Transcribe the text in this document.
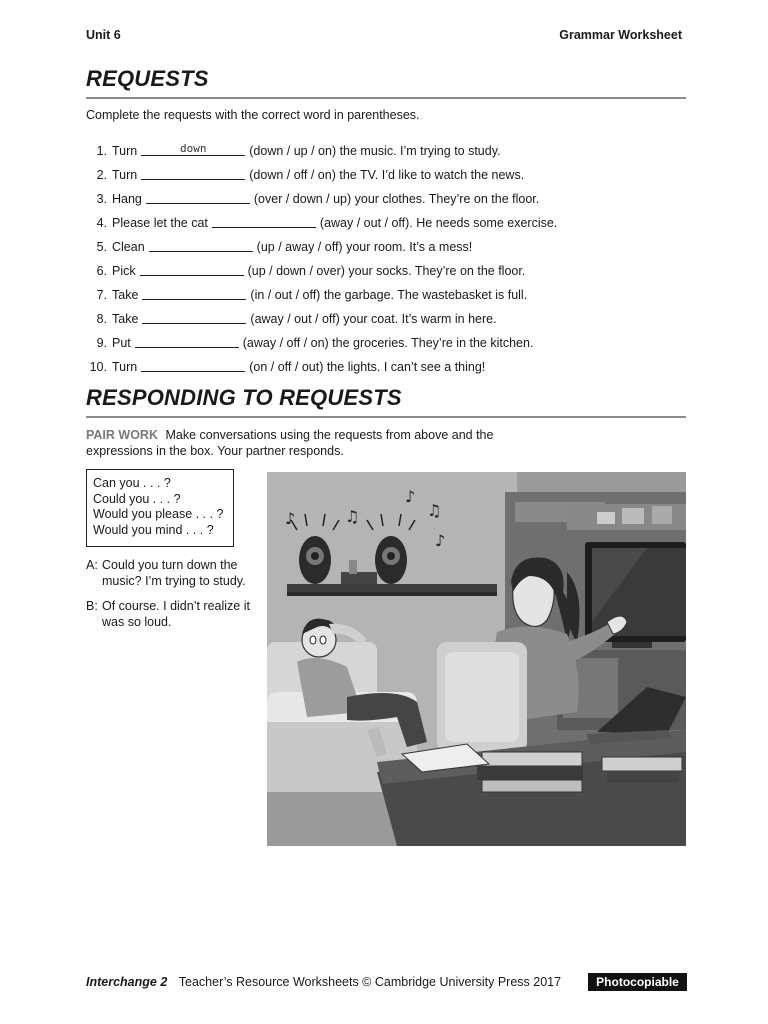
Unit 6	Grammar Worksheet
REQUESTS
Complete the requests with the correct word in parentheses.
1. Turn	down	(down / up / on) the music. I’m trying to study.
2. Turn	(down / off / on) the TV. I’d like to watch the news.
3. Hang	(over / down / up) your clothes. They’re on the floor.
4. Please let the cat	(away / out / off). He needs some exercise.
5. Clean	(up / away / off) your room. It’s a mess!
6. Pick	(up / down / over) your socks. They’re on the floor.
7. Take	(in / out / off) the garbage. The wastebasket is full.
8. Take	(away / out / off) your coat. It’s warm in here.
9. Put	(away / off / on) the groceries. They’re in the kitchen.
10. Turn	(on / off / out) the lights. I can’t see a thing!
RESPONDING TO REQUESTS
PAIR WORK Make conversations using the requests from above and the expressions in the box. Your partner responds.
Can you . . . ?
Could you . . . ?
Would you please . . . ?
Would you mind . . . ?
A: Could you turn down the music? I’m trying to study.
B: Of course. I didn’t realize it was so loud.
♪	♫
♪
♫
♪
Interchange 2 Teacher’s Resource Worksheets © Cambridge University Press 2017	Photocopiable
